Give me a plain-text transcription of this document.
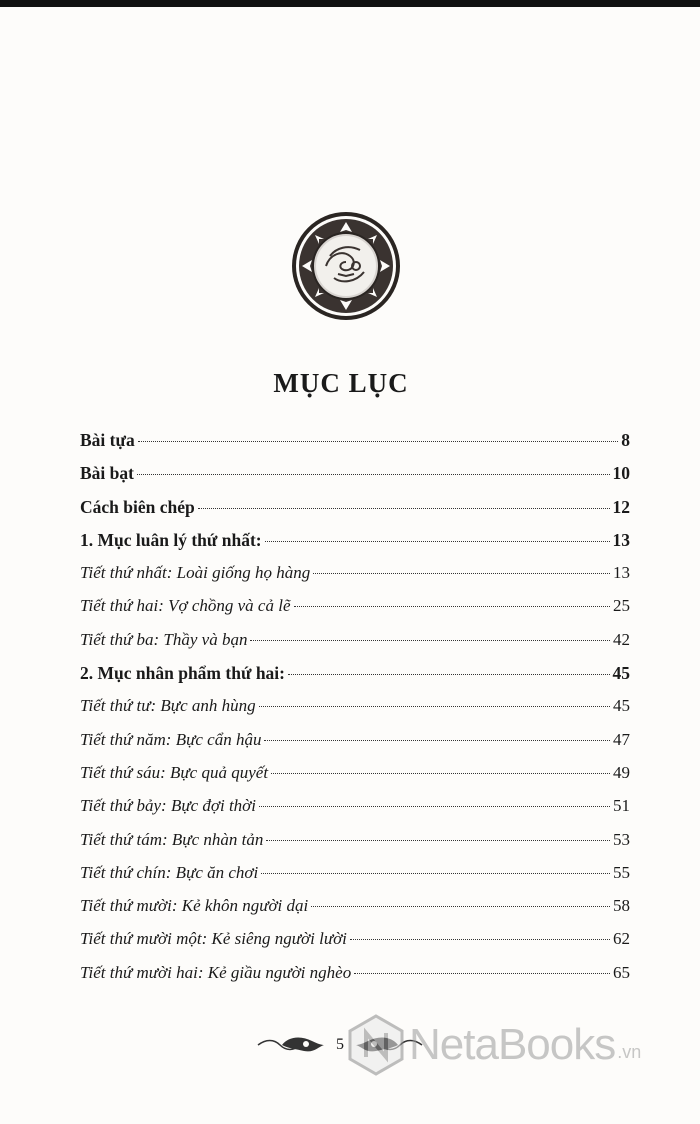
MỤC LỤC
Bài tựa	8
Bài bạt	10
Cách biên chép	12
1. Mục luân lý thứ nhất:	13
Tiết thứ nhất: Loài giống họ hàng	13
Tiết thứ hai: Vợ chồng và cả lẽ	25
Tiết thứ ba: Thầy và bạn	42
2. Mục nhân phẩm thứ hai:	45
Tiết thứ tư: Bực anh hùng	45
Tiết thứ năm: Bực cẩn hậu	47
Tiết thứ sáu: Bực quả quyết	49
Tiết thứ bảy: Bực đợi thời	51
Tiết thứ tám: Bực nhàn tản	53
Tiết thứ chín: Bực ăn chơi	55
Tiết thứ mười: Kẻ khôn người dại	58
Tiết thứ mười một: Kẻ siêng người lười	62
Tiết thứ mười hai: Kẻ giầu người nghèo	65
5 NetaBooks .vn
